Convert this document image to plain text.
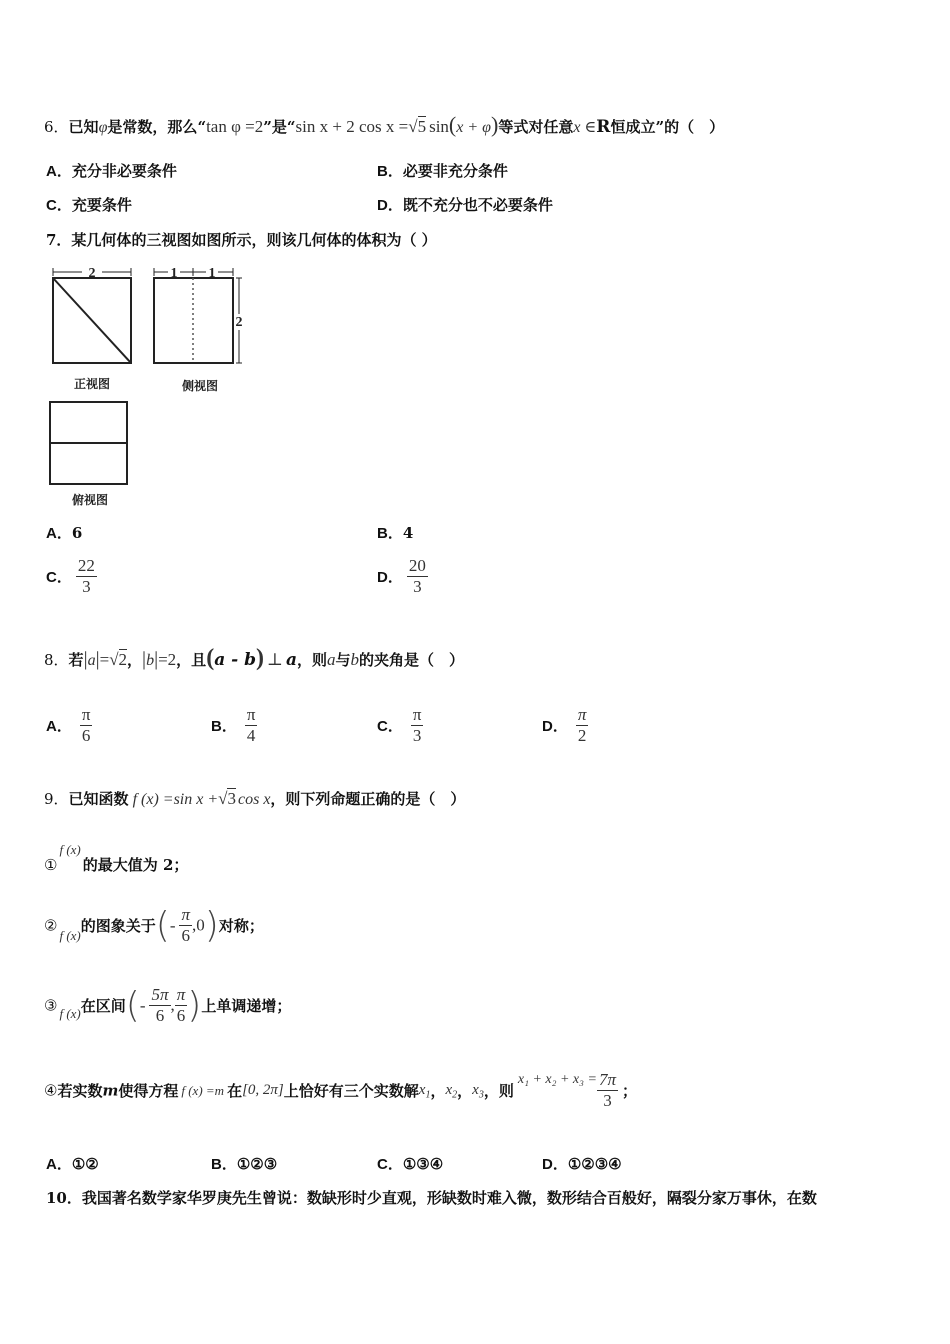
6．已知φ是常数，那么“tan φ =2”是“sin x + 2 cos x =√5 sin(x + φ)等式对任意x ∈R恒成立”的（　）
A．充分非必要条件	B．必要非充分条件
C．充要条件	D．既不充分也不必要条件
7．某几何体的三视图如图所示，则该几何体的体积为（ ）
2
正视图
1 1
2
侧视图
俯视图
A．6	B．4
C． $\frac{22}{3}$	D． $\frac{20}{3}$
8．若|a|=√2，|b|=2，且(a - b) ⊥ a，则a与b的夹角是（　）
A． $\frac{\pi}{6}$	B． $\frac{\pi}{4}$	C． $\frac{\pi}{3}$	D． $\frac{\pi}{2}$
9．已知函数 f (x) =sin x +√3 cos x，则下列命题正确的是（　）
①f (x)的最大值为 2；
②f (x)的图象关于(- $\frac{\pi}{6} ,0$)对称；
③ f (x)在区间(- $\frac{5\pi}{6}$ , $\frac{\pi}{6}$ )上单调递增；
④若实数m使得方程 f (x) =m 在[0, 2π]上恰好有三个实数解$x_1$，$x_2$，$x_3$，则$x_1 + x_2 + x_3 = \frac{7\pi}{3}$ ；
A．①②	B．①②③	C．①③④	D．①②③④
10．我国著名数学家华罗庚先生曾说：数缺形时少直观，形缺数时难入微，数形结合百般好，隔裂分家万事休，在数
